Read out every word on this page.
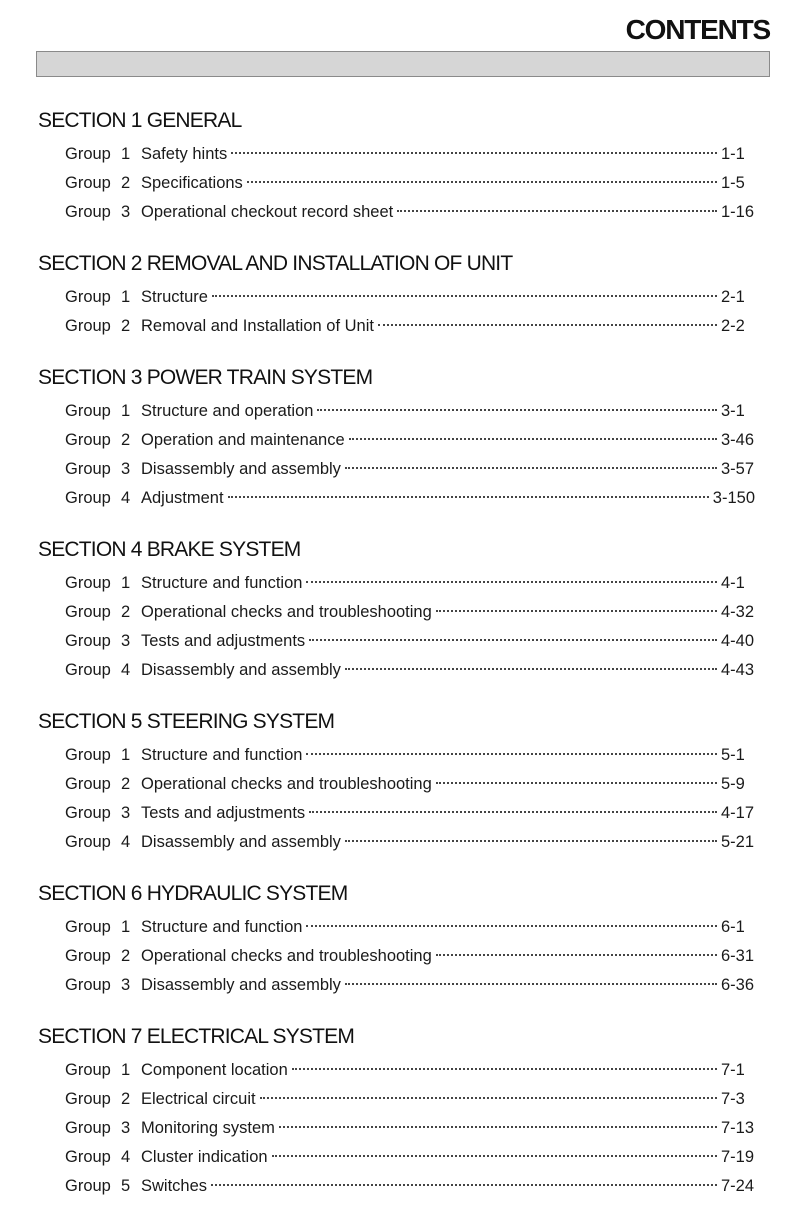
CONTENTS
SECTION 1 GENERAL
Group 1 Safety hints	1-1
Group 2 Specifications	1-5
Group 3 Operational checkout record sheet	1-16
SECTION 2 REMOVAL AND INSTALLATION OF UNIT
Group 1 Structure	2-1
Group 2 Removal and Installation of Unit	2-2
SECTION 3 POWER TRAIN SYSTEM
Group 1 Structure and operation	3-1
Group 2 Operation and maintenance	3-46
Group 3 Disassembly and assembly	3-57
Group 4 Adjustment	3-150
SECTION 4 BRAKE SYSTEM
Group 1 Structure and function	4-1
Group 2 Operational checks and troubleshooting	4-32
Group 3 Tests and adjustments	4-40
Group 4 Disassembly and assembly	4-43
SECTION 5 STEERING SYSTEM
Group 1 Structure and function	5-1
Group 2 Operational checks and troubleshooting	5-9
Group 3 Tests and adjustments	4-17
Group 4 Disassembly and assembly	5-21
SECTION 6 HYDRAULIC SYSTEM
Group 1 Structure and function	6-1
Group 2 Operational checks and troubleshooting	6-31
Group 3 Disassembly and assembly	6-36
SECTION 7 ELECTRICAL SYSTEM
Group 1 Component location	7-1
Group 2 Electrical circuit	7-3
Group 3 Monitoring system	7-13
Group 4 Cluster indication	7-19
Group 5 Switches	7-24
